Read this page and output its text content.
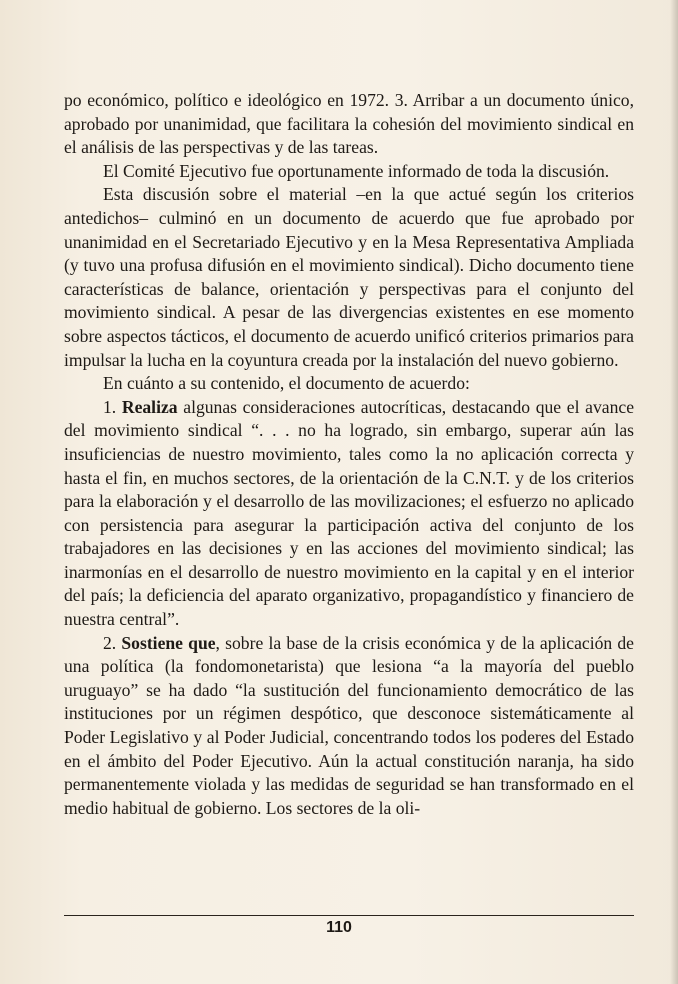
po económico, político e ideológico en 1972. 3. Arribar a un documento único, aprobado por unanimidad, que facilitara la cohesión del movimiento sindical en el análisis de las perspectivas y de las tareas.

El Comité Ejecutivo fue oportunamente informado de toda la discusión.

Esta discusión sobre el material –en la que actué según los criterios antedichos– culminó en un documento de acuerdo que fue aprobado por unanimidad en el Secretariado Ejecutivo y en la Mesa Representativa Ampliada (y tuvo una profusa difusión en el movimiento sindical). Dicho documento tiene características de balance, orientación y perspectivas para el conjunto del movimiento sindical. A pesar de las divergencias existentes en ese momento sobre aspectos tácticos, el documento de acuerdo unificó criterios primarios para impulsar la lucha en la coyuntura creada por la instalación del nuevo gobierno.

En cuánto a su contenido, el documento de acuerdo:

1. Realiza algunas consideraciones autocríticas, destacando que el avance del movimiento sindical “. . . no ha logrado, sin embargo, superar aún las insuficiencias de nuestro movimiento, tales como la no aplicación correcta y hasta el fin, en muchos sectores, de la orientación de la C.N.T. y de los criterios para la elaboración y el desarrollo de las movilizaciones; el esfuerzo no aplicado con persistencia para asegurar la participación activa del conjunto de los trabajadores en las decisiones y en las acciones del movimiento sindical; las inarmonías en el desarrollo de nuestro movimiento en la capital y en el interior del país; la deficiencia del aparato organizativo, propagandístico y financiero de nuestra central”.

2. Sostiene que, sobre la base de la crisis económica y de la aplicación de una política (la fondomonetarista) que lesiona “a la mayoría del pueblo uruguayo” se ha dado “la sustitución del funcionamiento democrático de las instituciones por un régimen despótico, que desconoce sistemáticamente al Poder Legislativo y al Poder Judicial, concentrando todos los poderes del Estado en el ámbito del Poder Ejecutivo. Aún la actual constitución naranja, ha sido permanentemente violada y las medidas de seguridad se han transformado en el medio habitual de gobierno. Los sectores de la oli-

110
